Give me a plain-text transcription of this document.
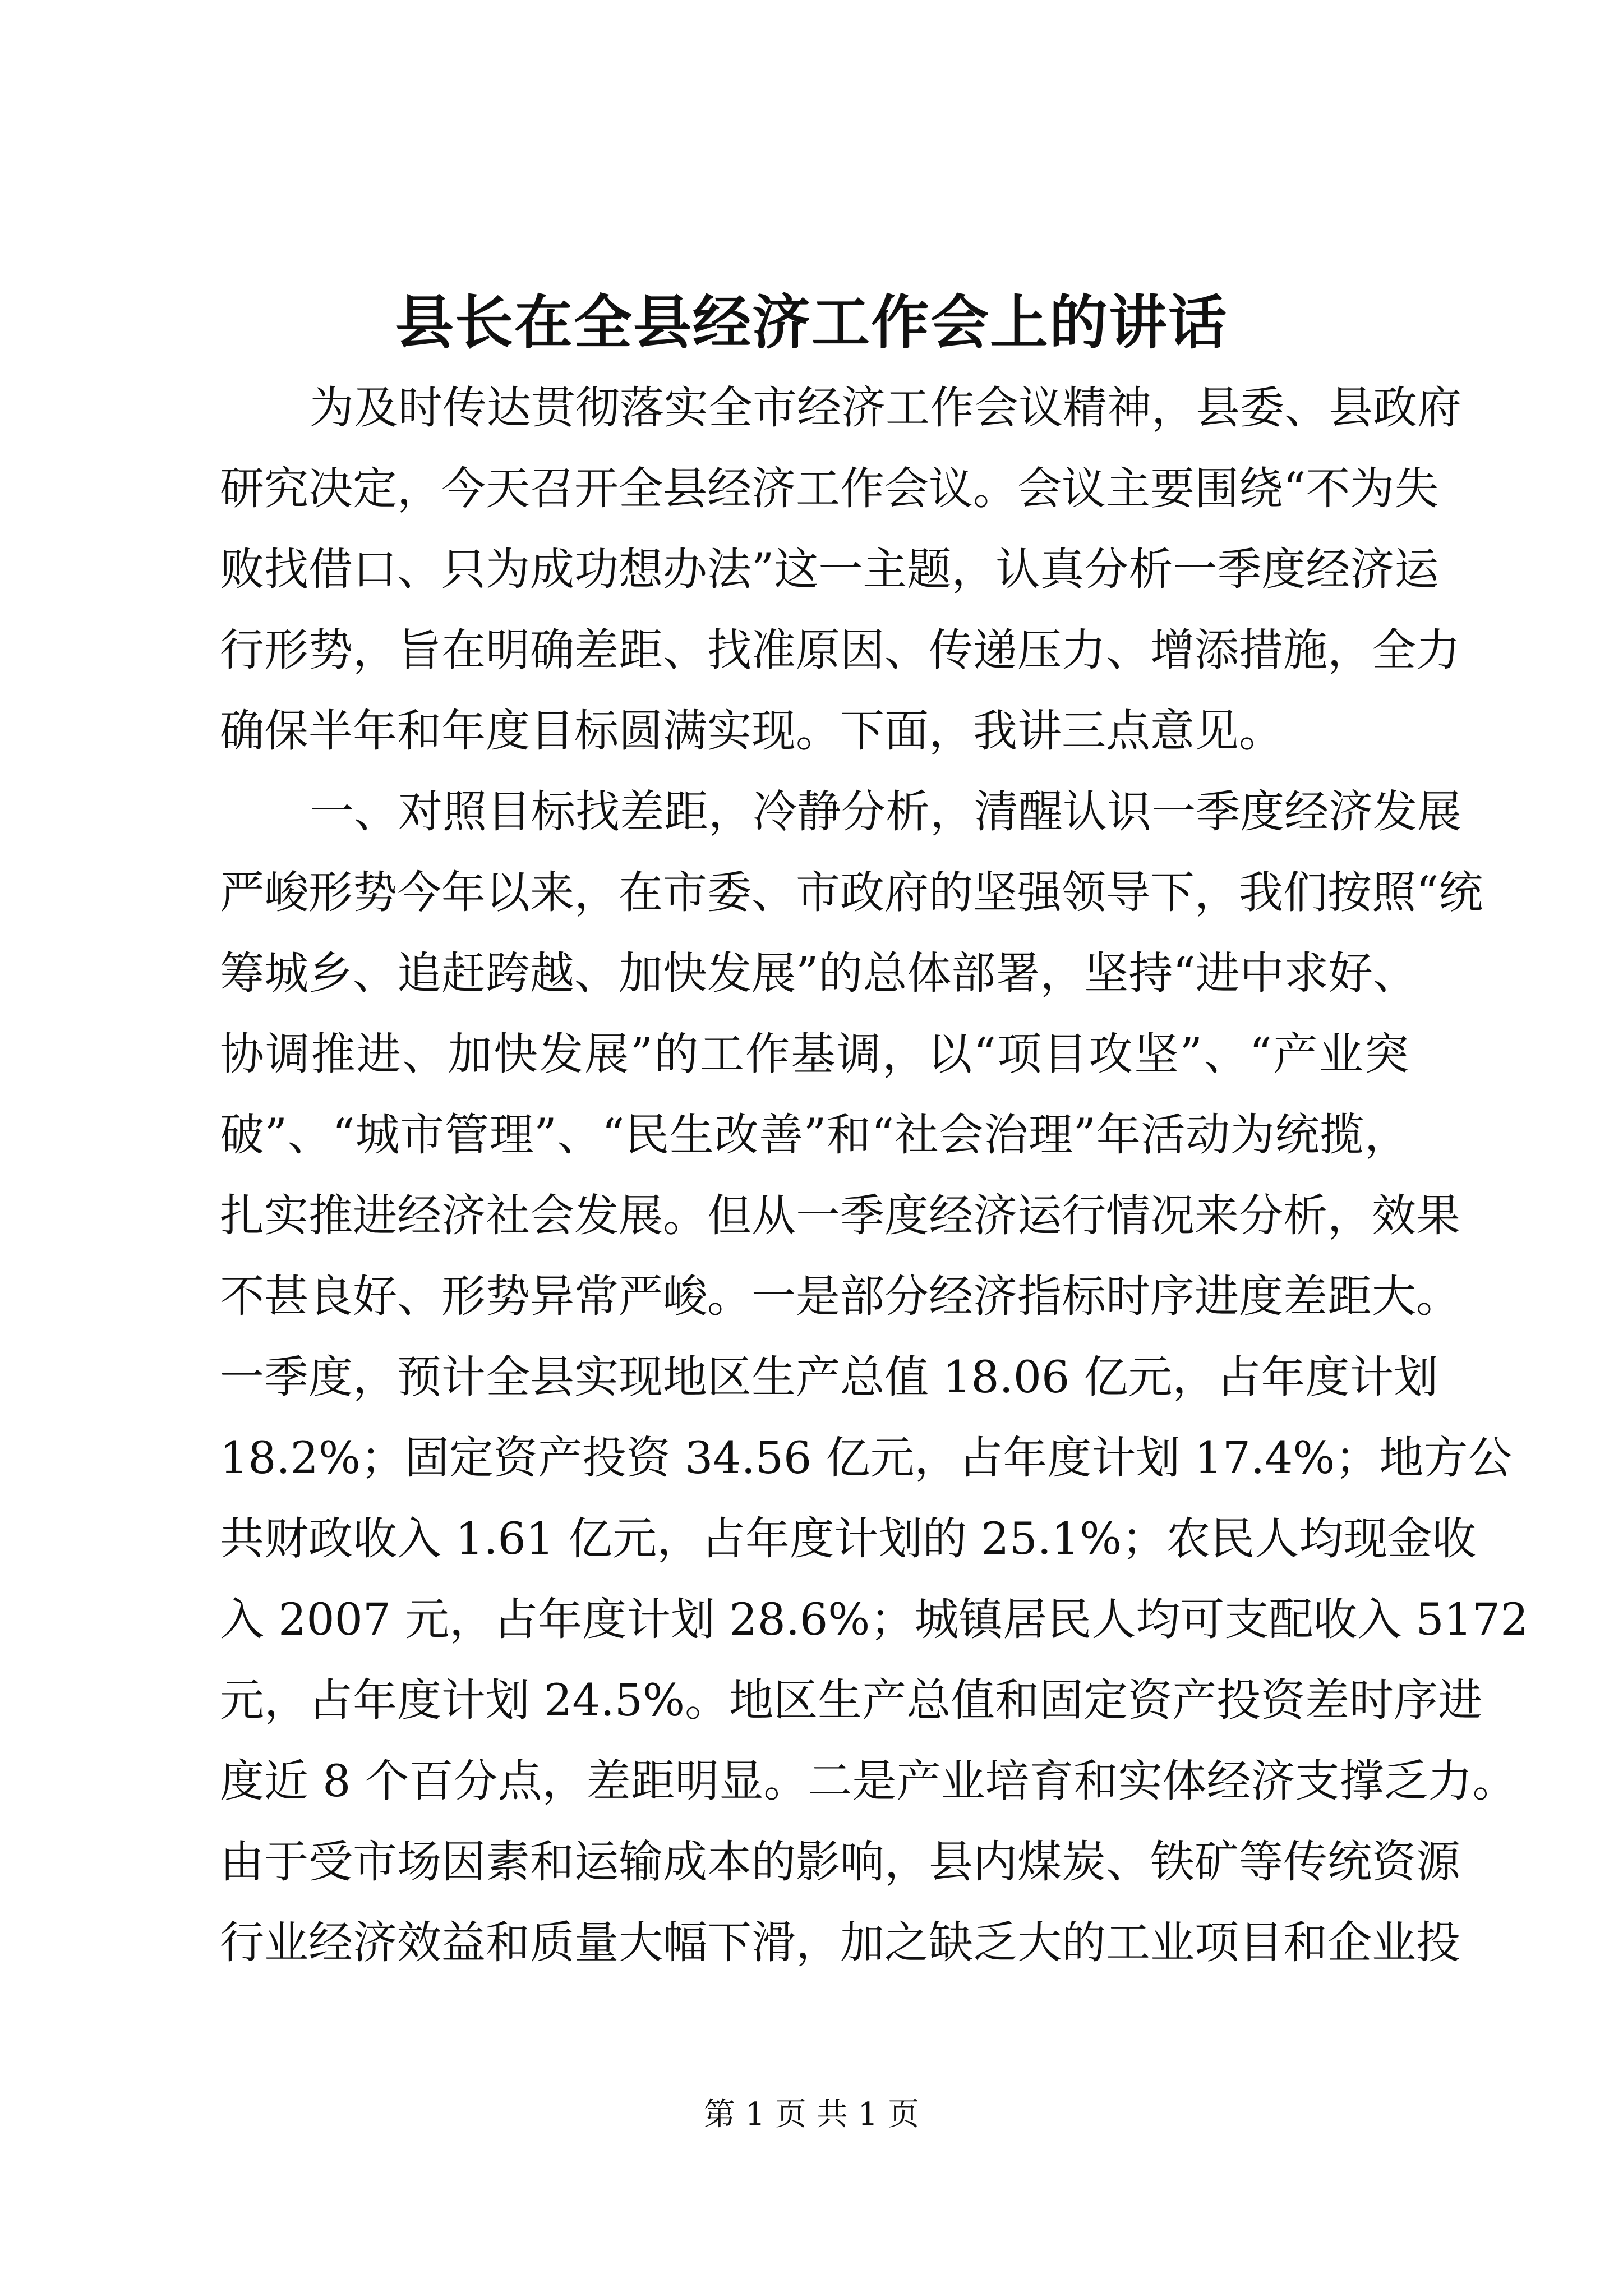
县长在全县经济工作会上的讲话
为及时传达贯彻落实全市经济工作会议精神，县委、县政府
研究决定，今天召开全县经济工作会议。会议主要围绕“不为失
败找借口、只为成功想办法”这一主题，认真分析一季度经济运
行形势，旨在明确差距、找准原因、传递压力、增添措施，全力
确保半年和年度目标圆满实现。下面，我讲三点意见。
一、对照目标找差距，冷静分析，清醒认识一季度经济发展
严峻形势今年以来，在市委、市政府的坚强领导下，我们按照“统
筹城乡、追赶跨越、加快发展”的总体部署，坚持“进中求好、
协调推进、加快发展”的工作基调，以“项目攻坚”、“产业突
破”、“城市管理”、“民生改善”和“社会治理”年活动为统揽，
扎实推进经济社会发展。但从一季度经济运行情况来分析，效果
不甚良好、形势异常严峻。一是部分经济指标时序进度差距大。
一季度，预计全县实现地区生产总值 18.06 亿元，占年度计划
18.2%；固定资产投资 34.56 亿元，占年度计划 17.4%；地方公
共财政收入 1.61 亿元，占年度计划的 25.1%；农民人均现金收
入 2007 元，占年度计划 28.6%；城镇居民人均可支配收入 5172
元，占年度计划 24.5%。地区生产总值和固定资产投资差时序进
度近 8 个百分点，差距明显。二是产业培育和实体经济支撑乏力。
由于受市场因素和运输成本的影响，县内煤炭、铁矿等传统资源
行业经济效益和质量大幅下滑，加之缺乏大的工业项目和企业投
第 1 页 共 1 页
